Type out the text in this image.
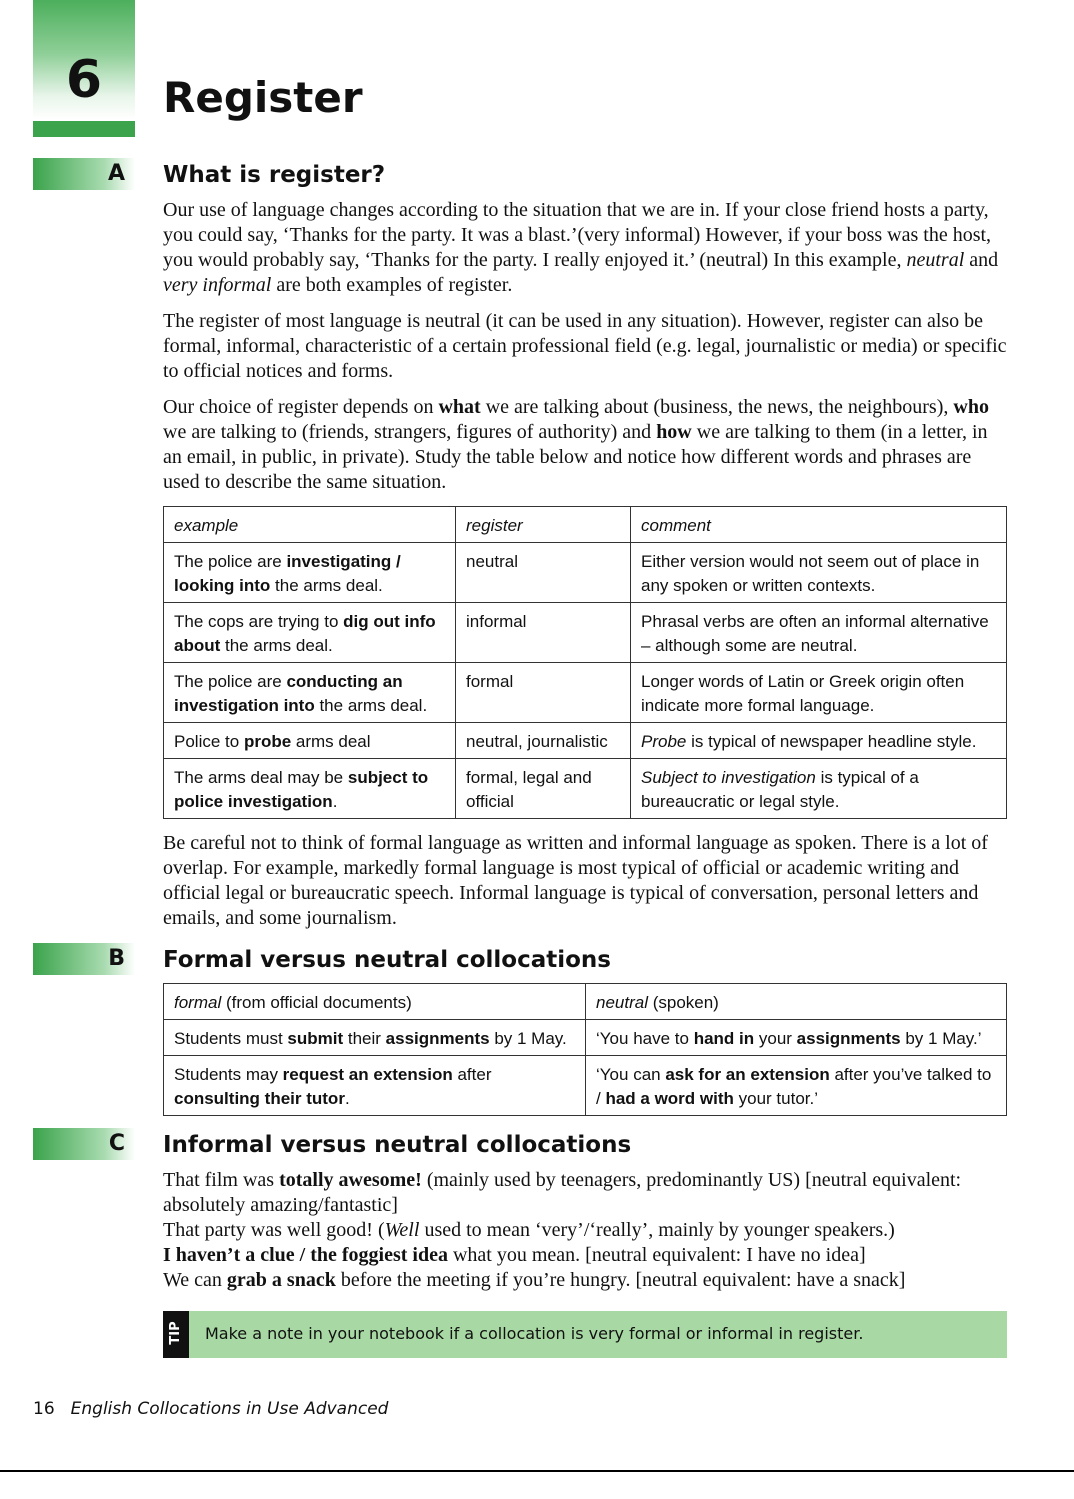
6	Register
A What is register?
Our use of language changes according to the situation that we are in. If your close friend hosts a party, you could say, ‘Thanks for the party. It was a blast.’(very informal) However, if your boss was the host, you would probably say, ‘Thanks for the party. I really enjoyed it.’ (neutral) In this example, neutral and very informal are both examples of register.
The register of most language is neutral (it can be used in any situation). However, register can also be formal, informal, characteristic of a certain professional field (e.g. legal, journalistic or media) or specific to official notices and forms.
Our choice of register depends on what we are talking about (business, the news, the neighbours), who we are talking to (friends, strangers, figures of authority) and how we are talking to them (in a letter, in an email, in public, in private). Study the table below and notice how different words and phrases are used to describe the same situation.
example	register	comment
The police are investigating / looking into the arms deal.	neutral	Either version would not seem out of place in any spoken or written contexts.
The cops are trying to dig out info about the arms deal.	informal	Phrasal verbs are often an informal alternative – although some are neutral.
The police are conducting an investigation into the arms deal.	formal	Longer words of Latin or Greek origin often indicate more formal language.
Police to probe arms deal	neutral, journalistic	Probe is typical of newspaper headline style.
The arms deal may be subject to police investigation.	formal, legal and official	Subject to investigation is typical of a bureaucratic or legal style.
Be careful not to think of formal language as written and informal language as spoken. There is a lot of overlap. For example, markedly formal language is most typical of official or academic writing and official legal or bureaucratic speech. Informal language is typical of conversation, personal letters and emails, and some journalism.
B Formal versus neutral collocations
formal (from official documents)	neutral (spoken)
Students must submit their assignments by 1 May.	‘You have to hand in your assignments by 1 May.’
Students may request an extension after consulting their tutor.	‘You can ask for an extension after you’ve talked to / had a word with your tutor.’
C Informal versus neutral collocations
That film was totally awesome! (mainly used by teenagers, predominantly US) [neutral equivalent: absolutely amazing/fantastic]
That party was well good! (Well used to mean ‘very’/‘really’, mainly by younger speakers.)
I haven’t a clue / the foggiest idea what you mean. [neutral equivalent: I have no idea]
We can grab a snack before the meeting if you’re hungry. [neutral equivalent: have a snack]
TIP	Make a note in your notebook if a collocation is very formal or informal in register.
16 English Collocations in Use Advanced
